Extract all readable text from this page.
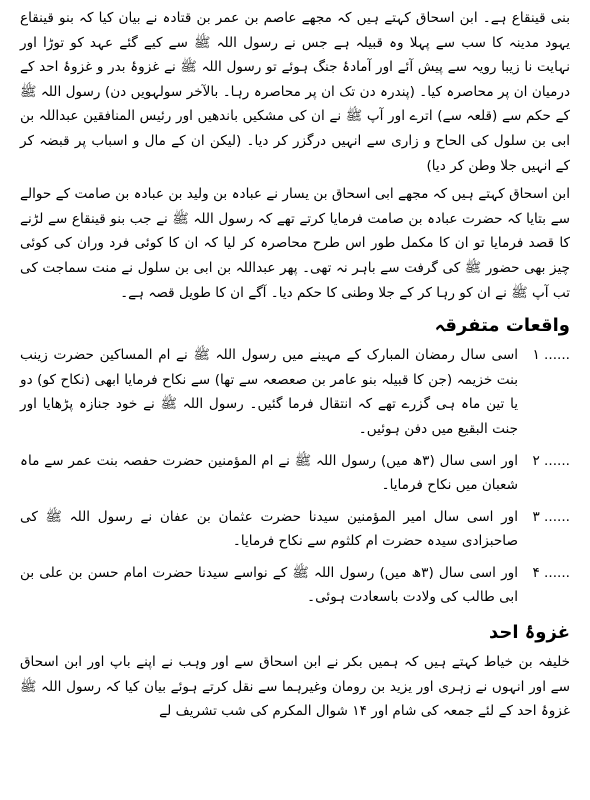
بنی قینقاع ہے۔ ابن اسحاق کہتے ہیں کہ مجھے عاصم بن عمر بن قتادہ نے بیان کیا کہ بنو قینقاع یہود مدینہ کا سب سے پہلا وہ قبیلہ ہے جس نے رسول اللہ ﷺ سے کیے گئے عہد کو توڑا اور نہایت نا زیبا رویہ سے پیش آئے اور آمادۂ جنگ ہوئے تو رسول اللہ ﷺ نے غزوۂ بدر و غزوۂ احد کے درمیان ان پر محاصرہ کیا۔ (پندرہ دن تک ان پر محاصرہ رہا۔ بالآخر سولہویں دن) رسول اللہ ﷺ کے حکم سے (قلعہ سے) اترے اور آپ ﷺ نے ان کی مشکیں باندھیں اور رئیس المنافقین عبداللہ بن ابی بن سلول کی الحاح و زاری سے انہیں درگزر کر دیا۔ (لیکن ان کے مال و اسباب پر قبضہ کر کے انہیں جلا وطن کر دیا)

ابن اسحاق کہتے ہیں کہ مجھے ابی اسحاق بن یسار نے عبادہ بن ولید بن عبادہ بن صامت کے حوالے سے بتایا کہ حضرت عبادہ بن صامت فرمایا کرتے تھے کہ رسول اللہ ﷺ نے جب بنو قینقاع سے لڑنے کا قصد فرمایا تو ان کا مکمل طور اس طرح محاصرہ کر لیا کہ ان کا کوئی فرد وران کی کوئی چیز بھی حضور ﷺ کی گرفت سے باہر نہ تھی۔ پھر عبداللہ بن ابی بن سلول نے منت سماجت کی تب آپ ﷺ نے ان کو رہا کر کے جلا وطنی کا حکم دیا۔ آگے ان کا طویل قصہ ہے۔

واقعات متفرقہ
۱ ......
اسی سال رمضان المبارک کے مہینے میں رسول اللہ ﷺ نے ام المساکین حضرت زینب بنت خزیمہ (جن کا قبیلہ بنو عامر بن صعصعہ سے تھا) سے نکاح فرمایا ابھی (نکاح کو) دو یا تین ماہ ہی گزرے تھے کہ انتقال فرما گئیں۔ رسول اللہ ﷺ نے خود جنازہ پڑھایا اور جنت البقیع میں دفن ہوئیں۔
۲ ......
اور اسی سال (۳ھ میں) رسول اللہ ﷺ نے ام المؤمنین حضرت حفصہ بنت عمر سے ماہ شعبان میں نکاح فرمایا۔
۳ ......
اور اسی سال امیر المؤمنین سیدنا حضرت عثمان بن عفان نے رسول اللہ ﷺ کی صاحبزادی سیدہ حضرت ام کلثوم سے نکاح فرمایا۔
۴ ......
اور اسی سال (۳ھ میں) رسول اللہ ﷺ کے نواسے سیدنا حضرت امام حسن بن علی بن ابی طالب کی ولادت باسعادت ہوئی۔
غزوۂ احد

خلیفہ بن خیاط کہتے ہیں کہ ہمیں بکر نے ابن اسحاق سے اور وہب نے اپنے باپ اور ابن اسحاق سے اور انہوں نے زہری اور یزید بن رومان وغیرہما سے نقل کرتے ہوئے بیان کیا کہ رسول اللہ ﷺ غزوۂ احد کے لئے جمعہ کی شام اور ۱۴ شوال المکرم کی شب تشریف لے
